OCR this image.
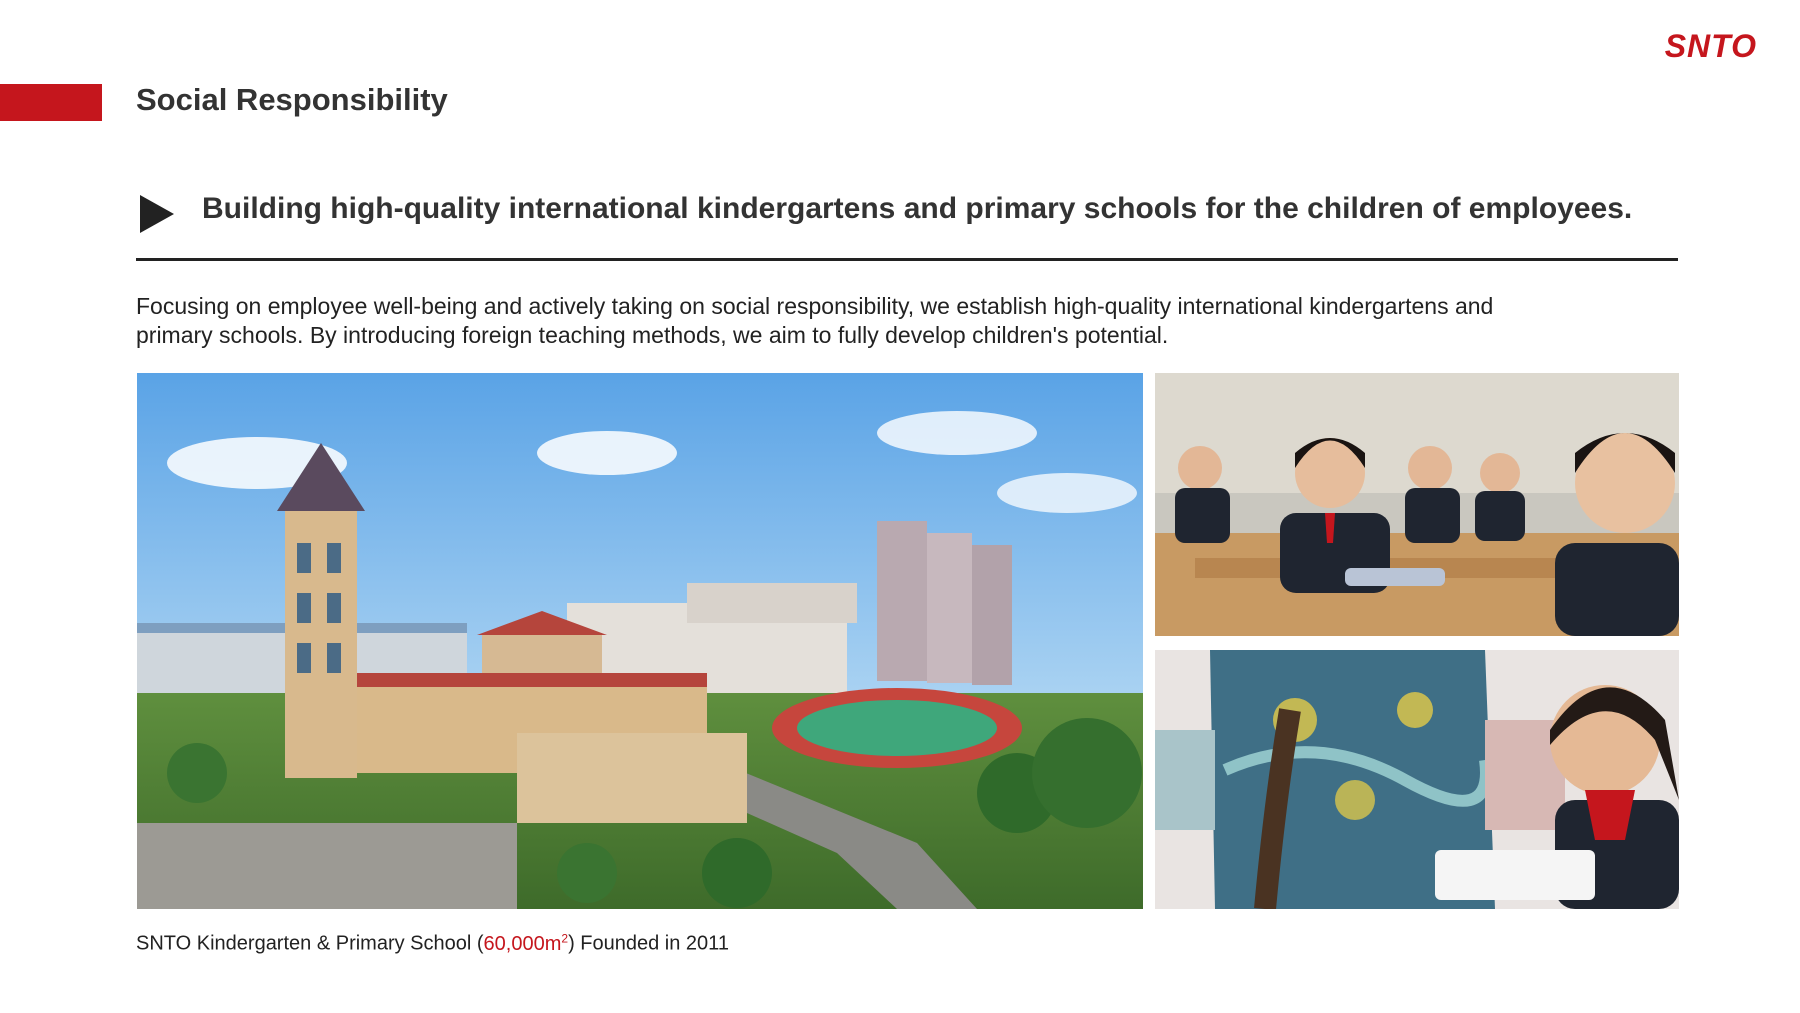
Social Responsibility
SNTO
Building high-quality international kindergartens and primary schools for the children of employees.
Focusing on employee well-being and actively taking on social responsibility, we establish high-quality international kindergartens and
primary schools. By introducing foreign teaching methods, we aim to fully develop children's potential.
SNTO Kindergarten & Primary School $(60,000m^2)$ Founded in 2011
